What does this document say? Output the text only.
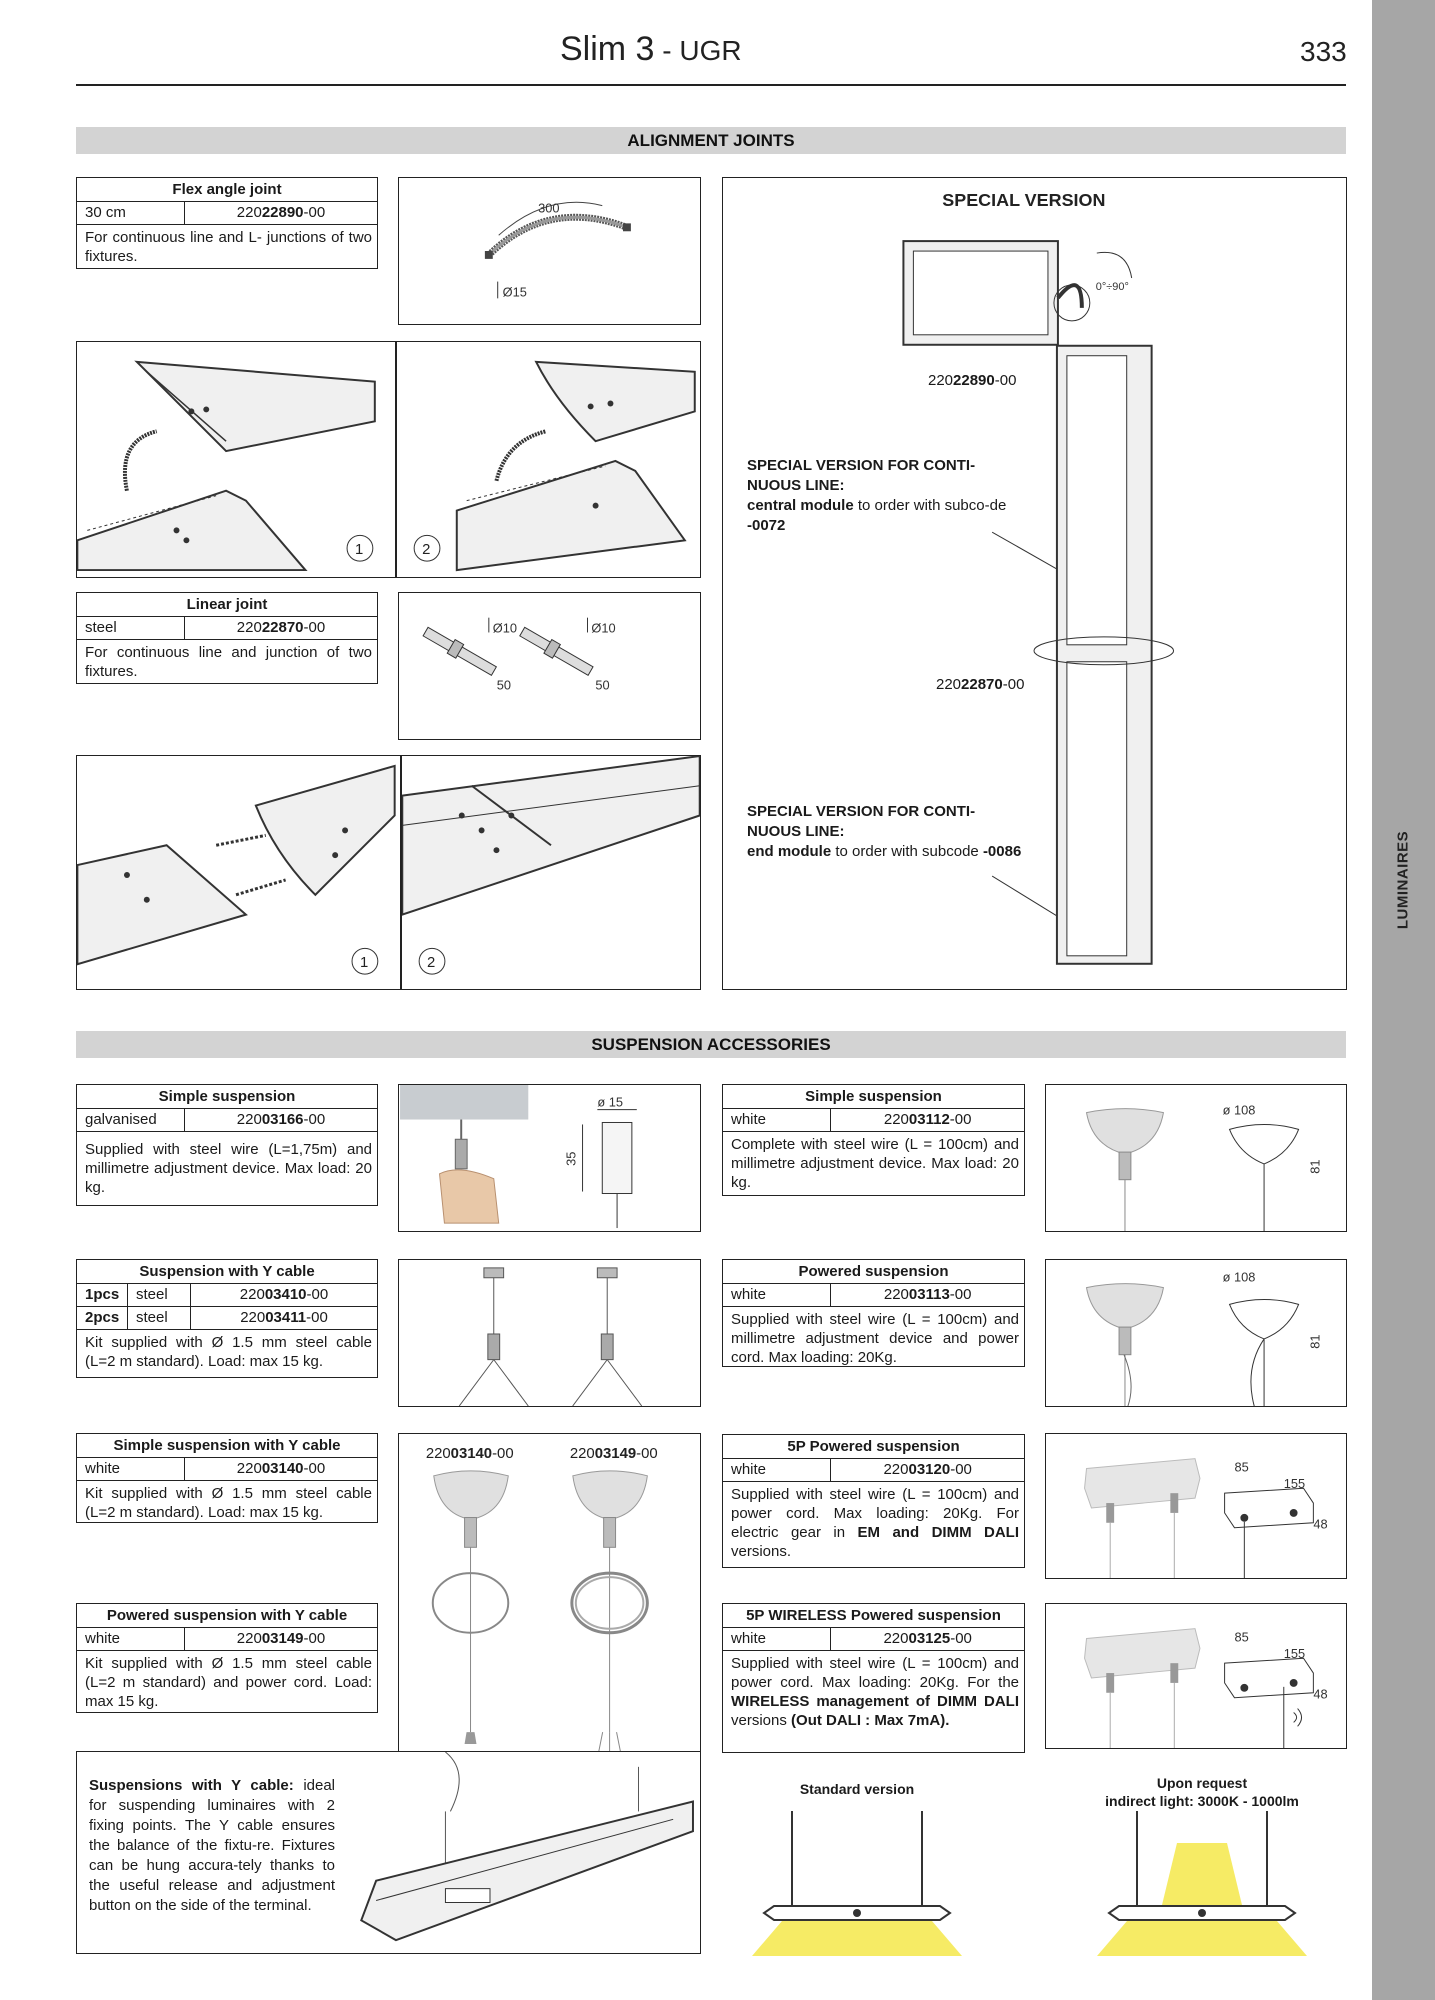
LUMINAIRES
Slim 3 - UGR	333
ALIGNMENT JOINTS
Flex angle joint
30 cm	22022890-00
For continuous line and L- junctions of two fixtures.
300
Ø15
1	2
Linear joint
steel	22022870-00
For continuous line and junction of two fixtures.
Ø10	Ø10
50	50
1	2
SPECIAL VERSION
0°÷90°
22022890-00
22022870-00
SPECIAL VERSION FOR CONTI-NUOUS LINE:
central module to order with subco-de -0072
SPECIAL VERSION FOR CONTI-NUOUS LINE:
end module to order with subcode -0086
SUSPENSION ACCESSORIES
Simple suspension
galvanised	22003166-00
Supplied with steel wire (L=1,75m) and millimetre adjustment device. Max load: 20 kg.
ø 15
35
Simple suspension
white	22003112-00
Complete with steel wire (L = 100cm) and millimetre adjustment device. Max load: 20 kg.
ø 108
81
Suspension with Y cable
1pcs	steel	22003410-00
2pcs	steel	22003411-00
Kit supplied with Ø 1.5 mm steel cable (L=2 m standard). Load: max 15 kg.
Powered suspension
white	22003113-00
Supplied with steel wire (L = 100cm) and millimetre adjustment device and power cord. Max loading: 20Kg.
ø 108
81
Simple suspension with Y cable
white	22003140-00
Kit supplied with Ø 1.5 mm steel cable (L=2 m standard). Load: max 15 kg.
22003140-00	22003149-00	5P Powered suspension
white	22003120-00
Supplied with steel wire (L = 100cm) and power cord. Max loading: 20Kg. For electric gear in EM and DIMM DALI versions.
85
155
48
Powered suspension with Y cable
white	22003149-00
Kit supplied with Ø 1.5 mm steel cable (L=2 m standard) and power cord. Load: max 15 kg.
5P WIRELESS Powered suspension
white	22003125-00
Supplied with steel wire (L = 100cm) and power cord. Max loading: 20Kg. For the WIRELESS management of DIMM DALI versions (Out DALI : Max 7mA).
85
155
48
Suspensions with Y cable: ideal for suspending luminaires with 2 fixing points. The Y cable ensures the balance of the fixtu-re. Fixtures can be hung accura-tely thanks to the useful release and adjustment button on the side of the terminal.
Standard version	Upon request
indirect light: 3000K - 1000lm
